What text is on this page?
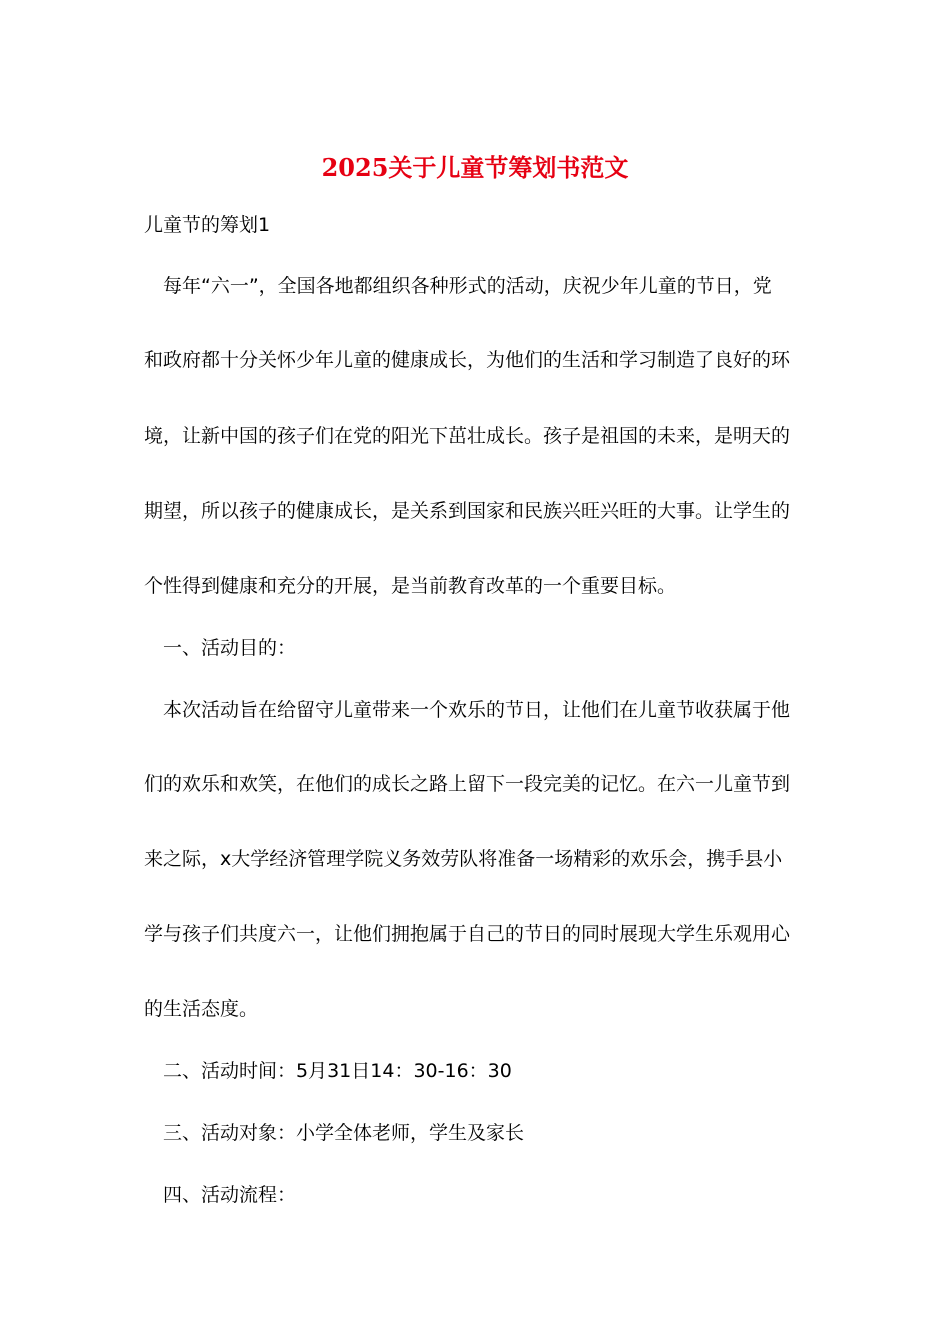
2025关于儿童节筹划书范文
儿童节的筹划1
每年“六一”，全国各地都组织各种形式的活动，庆祝少年儿童的节日，党
和政府都十分关怀少年儿童的健康成长，为他们的生活和学习制造了良好的环
境，让新中国的孩子们在党的阳光下茁壮成长。孩子是祖国的未来，是明天的
期望，所以孩子的健康成长，是关系到国家和民族兴旺兴旺的大事。让学生的
个性得到健康和充分的开展，是当前教育改革的一个重要目标。
一、活动目的：
本次活动旨在给留守儿童带来一个欢乐的节日，让他们在儿童节收获属于他
们的欢乐和欢笑，在他们的成长之路上留下一段完美的记忆。在六一儿童节到
来之际，x大学经济管理学院义务效劳队将准备一场精彩的欢乐会，携手县小
学与孩子们共度六一，让他们拥抱属于自己的节日的同时展现大学生乐观用心
的生活态度。
二、活动时间：5月31日14：30-16：30
三、活动对象：小学全体老师，学生及家长
四、活动流程：
